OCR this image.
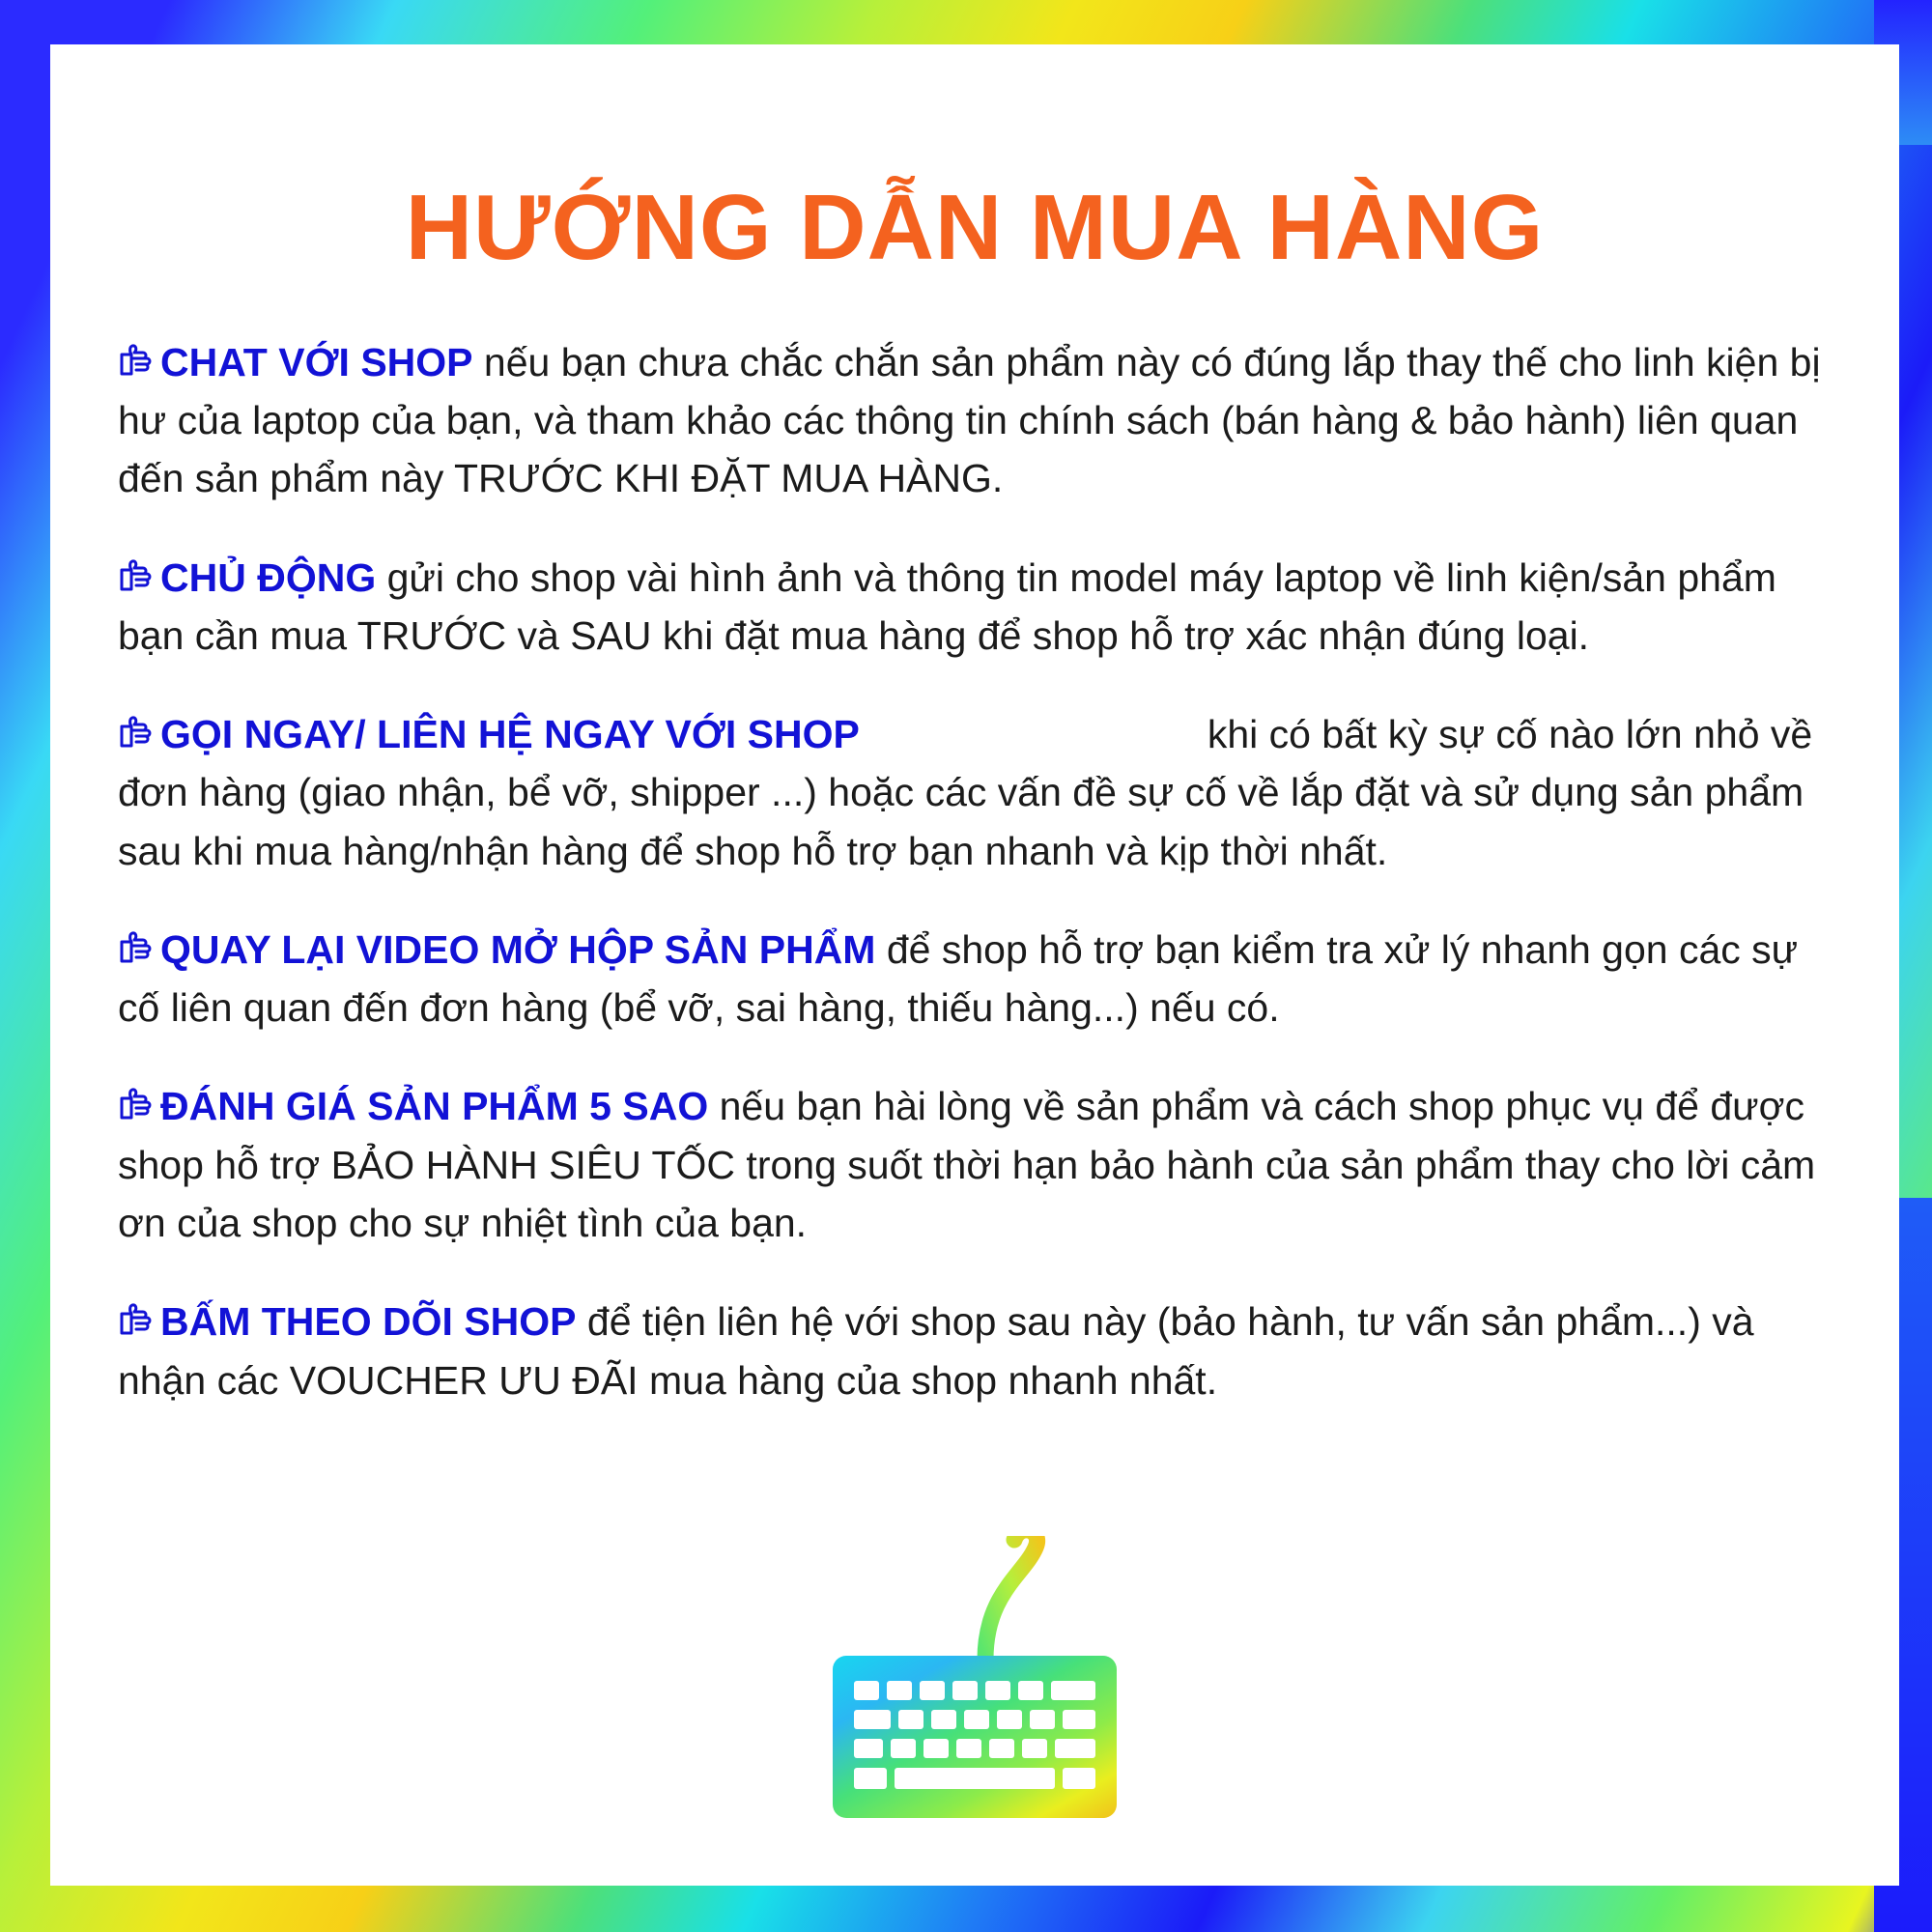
HƯỚNG DẪN MUA HÀNG

CHAT VỚI SHOP nếu bạn chưa chắc chắn sản phẩm này có đúng lắp thay thế cho linh kiện bị hư của laptop của bạn, và tham khảo các thông tin chính sách (bán hàng & bảo hành) liên quan đến sản phẩm này TRƯỚC KHI ĐẶT MUA HÀNG.

CHỦ ĐỘNG gửi cho shop vài hình ảnh và thông tin model máy laptop về linh kiện/sản phẩm bạn cần mua TRƯỚC và SAU khi đặt mua hàng để shop hỗ trợ xác nhận đúng loại.

GỌI NGAY/ LIÊN HỆ NGAY VỚI SHOP	khi có bất kỳ sự cố nào lớn nhỏ về đơn hàng (giao nhận, bể vỡ, shipper ...) hoặc các vấn đề sự cố về lắp đặt và sử dụng sản phẩm sau khi mua hàng/nhận hàng để shop hỗ trợ bạn nhanh và kịp thời nhất.

QUAY LẠI VIDEO MỞ HỘP SẢN PHẨM để shop hỗ trợ bạn kiểm tra xử lý nhanh gọn các sự cố liên quan đến đơn hàng (bể vỡ, sai hàng, thiếu hàng...) nếu có.

ĐÁNH GIÁ SẢN PHẨM 5 SAO nếu bạn hài lòng về sản phẩm và cách shop phục vụ để được shop hỗ trợ BẢO HÀNH SIÊU TỐC trong suốt thời hạn bảo hành của sản phẩm thay cho lời cảm ơn của shop cho sự nhiệt tình của bạn.

BẤM THEO DÕI SHOP để tiện liên hệ với shop sau này (bảo hành, tư vấn sản phẩm...) và nhận các VOUCHER ƯU ĐÃI mua hàng của shop nhanh nhất.
